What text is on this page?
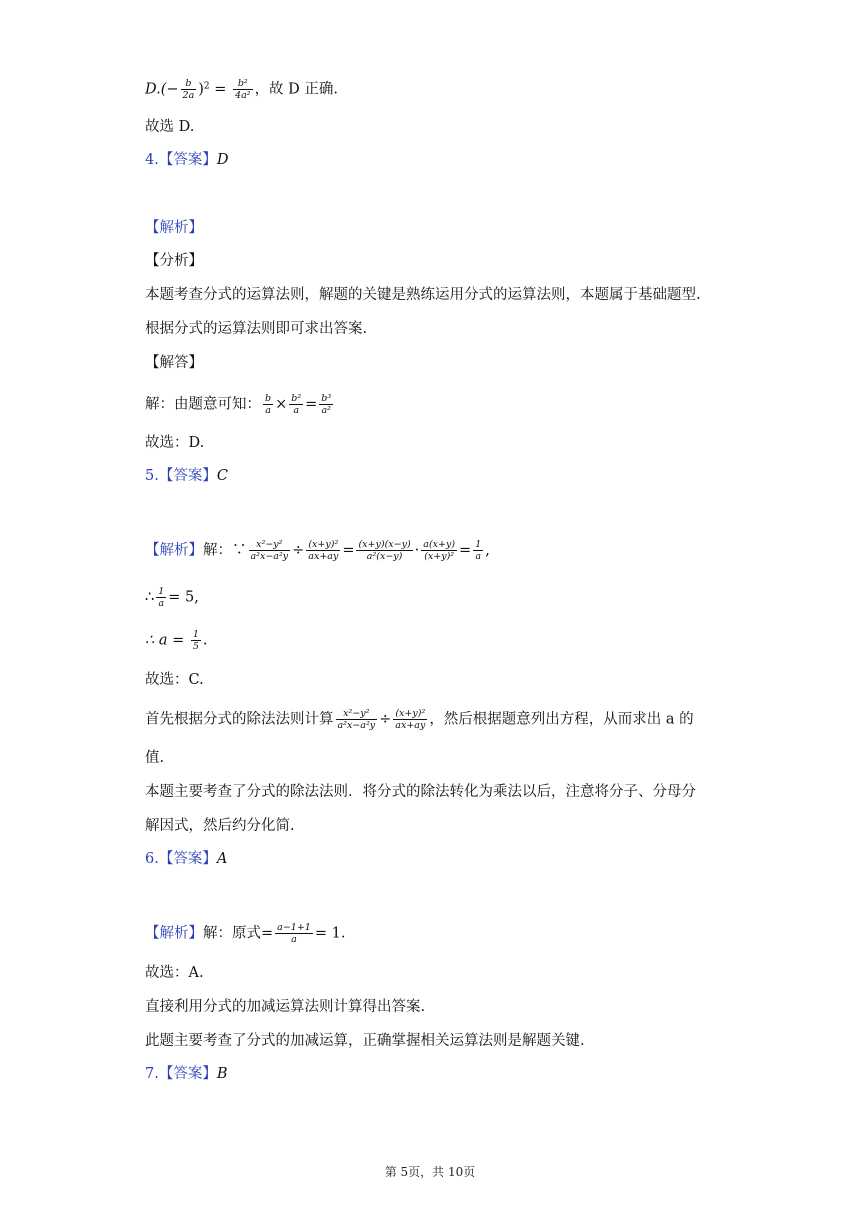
$D.(- \frac{b}{2a} )^2 = \frac{\text{b²}}{\text{4a²}}$ ，故 D 正确.
故选 D.
4.【答案】D
【解析】
【分析】
本题考查分式的运算法则，解题的关键是熟练运用分式的运算法则，本题属于基础题型.
根据分式的运算法则即可求出答案.
【解答】
解：由题意可知： $\frac{b}{a} \times \frac{\text{b²}}{a} = \frac{\text{b³}}{\text{a²}}$
故选：D.
5.【答案】C
【解析】解：∵ $\frac{\text{x²−y²}}{\text{a²x−a²y}} \div \frac{\text{(x+y)²}}{ax+ay} = \frac{(x+y)(x-y)}{\text{a²(x−y)}} \cdot \frac{a(x+y)}{\text{(x+y)²}} = \frac{1}{a}$ ,
∴ $\frac{1}{a} = 5$,
∴ $a = \frac{1}{5}$ .
故选：C.
首先根据分式的除法法则计算 $\frac{\text{x²−y²}}{\text{a²x−a²y}} \div \frac{\text{(x+y)²}}{ax+ay}$ ，然后根据题意列出方程，从而求出 a 的
值.
本题主要考查了分式的除法法则．将分式的除法转化为乘法以后，注意将分子、分母分
解因式，然后约分化简.
6.【答案】A
【解析】解：原式= $\frac{a-1+1}{a} = 1$.
故选：A.
直接利用分式的加减运算法则计算得出答案.
此题主要考查了分式的加减运算，正确掌握相关运算法则是解题关键.
7.【答案】B
第 5页，共 10页
